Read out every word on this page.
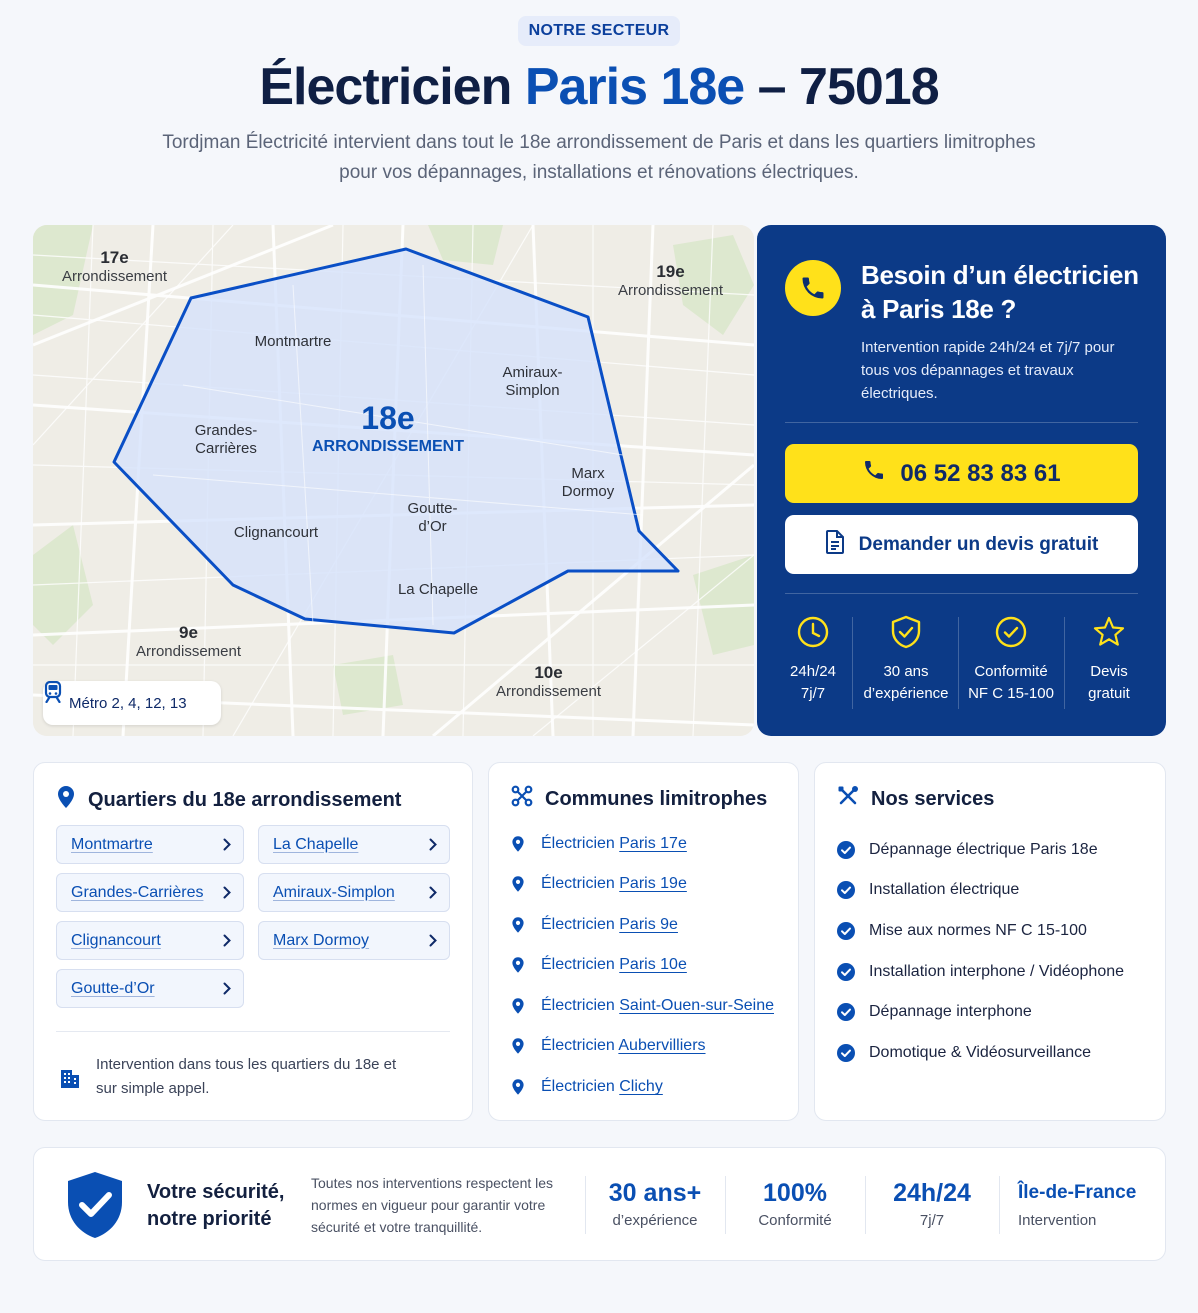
NOTRE SECTEUR
Électricien Paris 18e – 75018

Tordjman Électricité intervient dans tout le 18e arrondissement de Paris et dans les quartiers limitrophes pour vos dépannages, installations et rénovations électriques.

17e
Arrondissement	19e
Arrondissement
9e
Arrondissement
10e
Arrondissement
18e
ARRONDISSEMENT
Montmartre
Amiraux-Simplon
Grandes-Carrières
Marx Dormoy
Goutte-d’Or
Clignancourt
La Chapelle
Métro 2, 4, 12, 13
Besoin d’un électricien à Paris 18e ?
Intervention rapide 24h/24 et 7j/7 pour tous vos dépannages et travaux électriques.
06 52 83 83 61
Demander un devis gratuit
24h/24
7j/7
30 ans
d’expérience
Conformité
NF C 15-100
Devis
gratuit
Quartiers du 18e arrondissement
Montmartre	La Chapelle
Grandes-Carrières	Amiraux-Simplon
Clignancourt	Marx Dormoy
Goutte-d’Or
Intervention dans tous les quartiers du 18e et sur simple appel.
Communes limitrophes
Électricien Paris 17e
Électricien Paris 19e
Électricien Paris 9e
Électricien Paris 10e
Électricien Saint-Ouen-sur-Seine
Électricien Aubervilliers
Électricien Clichy
Nos services
Dépannage électrique Paris 18e
Installation électrique
Mise aux normes NF C 15-100
Installation interphone / Vidéophone
Dépannage interphone
Domotique & Vidéosurveillance
Votre sécurité, notre priorité
Toutes nos interventions respectent les normes en vigueur pour garantir votre sécurité et votre tranquillité.
30 ans+
d’expérience
100%
Conformité
24h/24
7j/7
Île-de-France
Intervention
